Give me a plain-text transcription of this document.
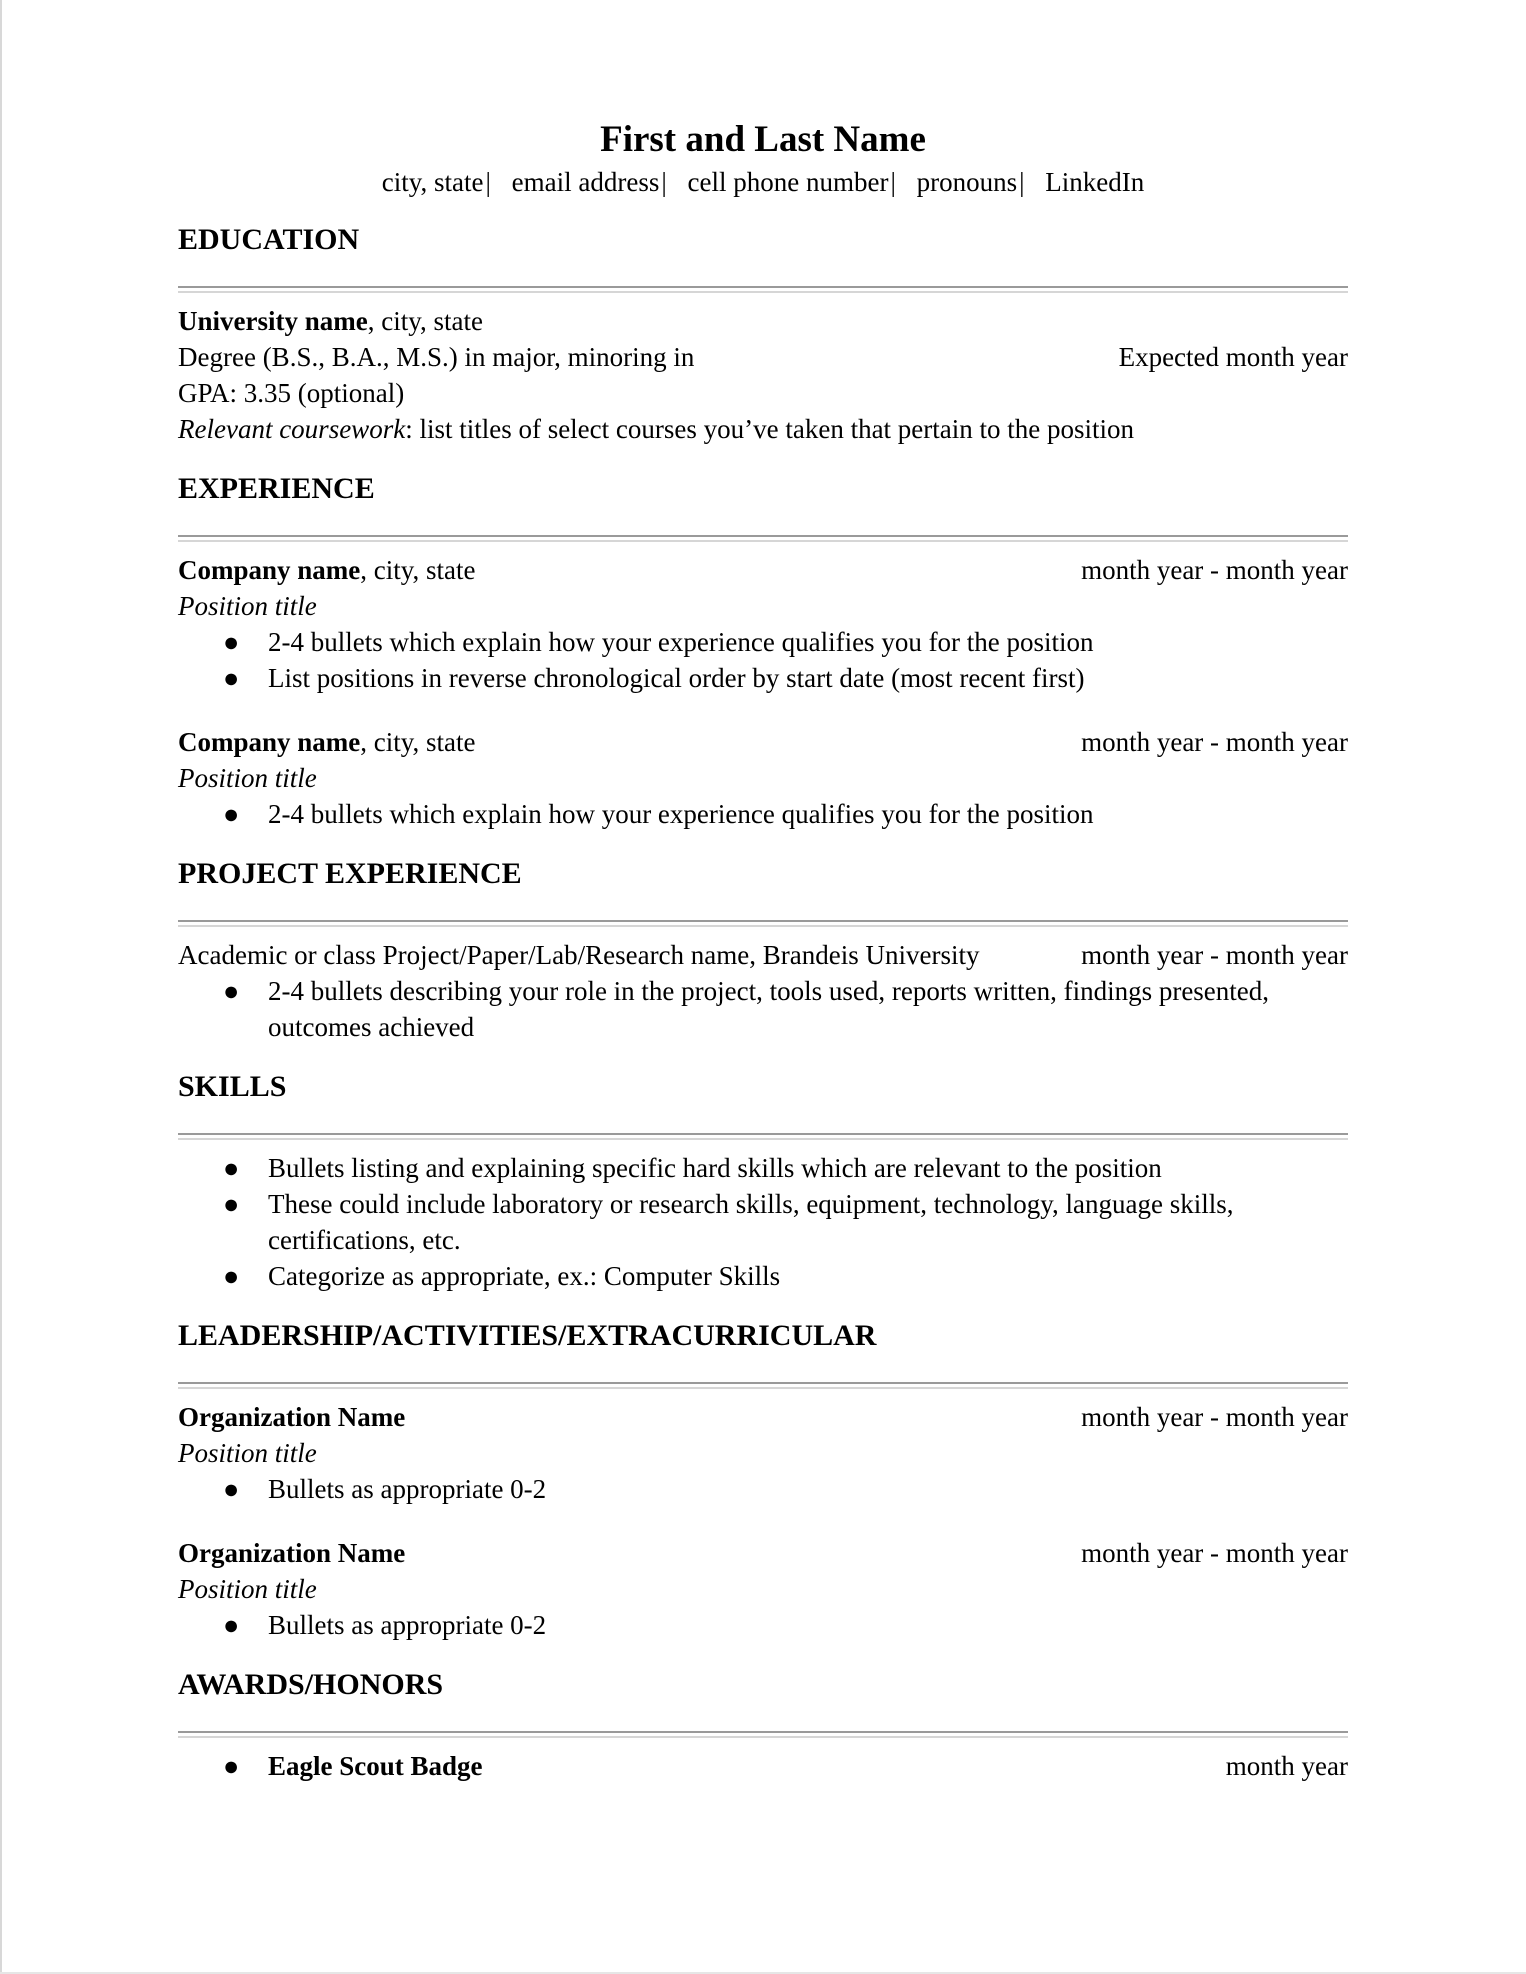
First and Last Name
city, state| email address| cell phone number| pronouns| LinkedIn
EDUCATION
University name, city, state
Degree (B.S., B.A., M.S.) in major, minoring in	Expected month year
GPA: 3.35 (optional)
Relevant coursework: list titles of select courses you’ve taken that pertain to the position
EXPERIENCE
Company name, city, state	month year - month year
Position title
● 2-4 bullets which explain how your experience qualifies you for the position
● List positions in reverse chronological order by start date (most recent first)
Company name, city, state	month year - month year
Position title
● 2-4 bullets which explain how your experience qualifies you for the position
PROJECT EXPERIENCE
Academic or class Project/Paper/Lab/Research name, Brandeis University	month year - month year
● 2-4 bullets describing your role in the project, tools used, reports written, findings presented, outcomes achieved
SKILLS
● Bullets listing and explaining specific hard skills which are relevant to the position
● These could include laboratory or research skills, equipment, technology, language skills, certifications, etc.
● Categorize as appropriate, ex.: Computer Skills
LEADERSHIP/ACTIVITIES/EXTRACURRICULAR
Organization Name	month year - month year
Position title
● Bullets as appropriate 0-2
Organization Name	month year - month year
Position title
● Bullets as appropriate 0-2
AWARDS/HONORS
● Eagle Scout Badge	month year
